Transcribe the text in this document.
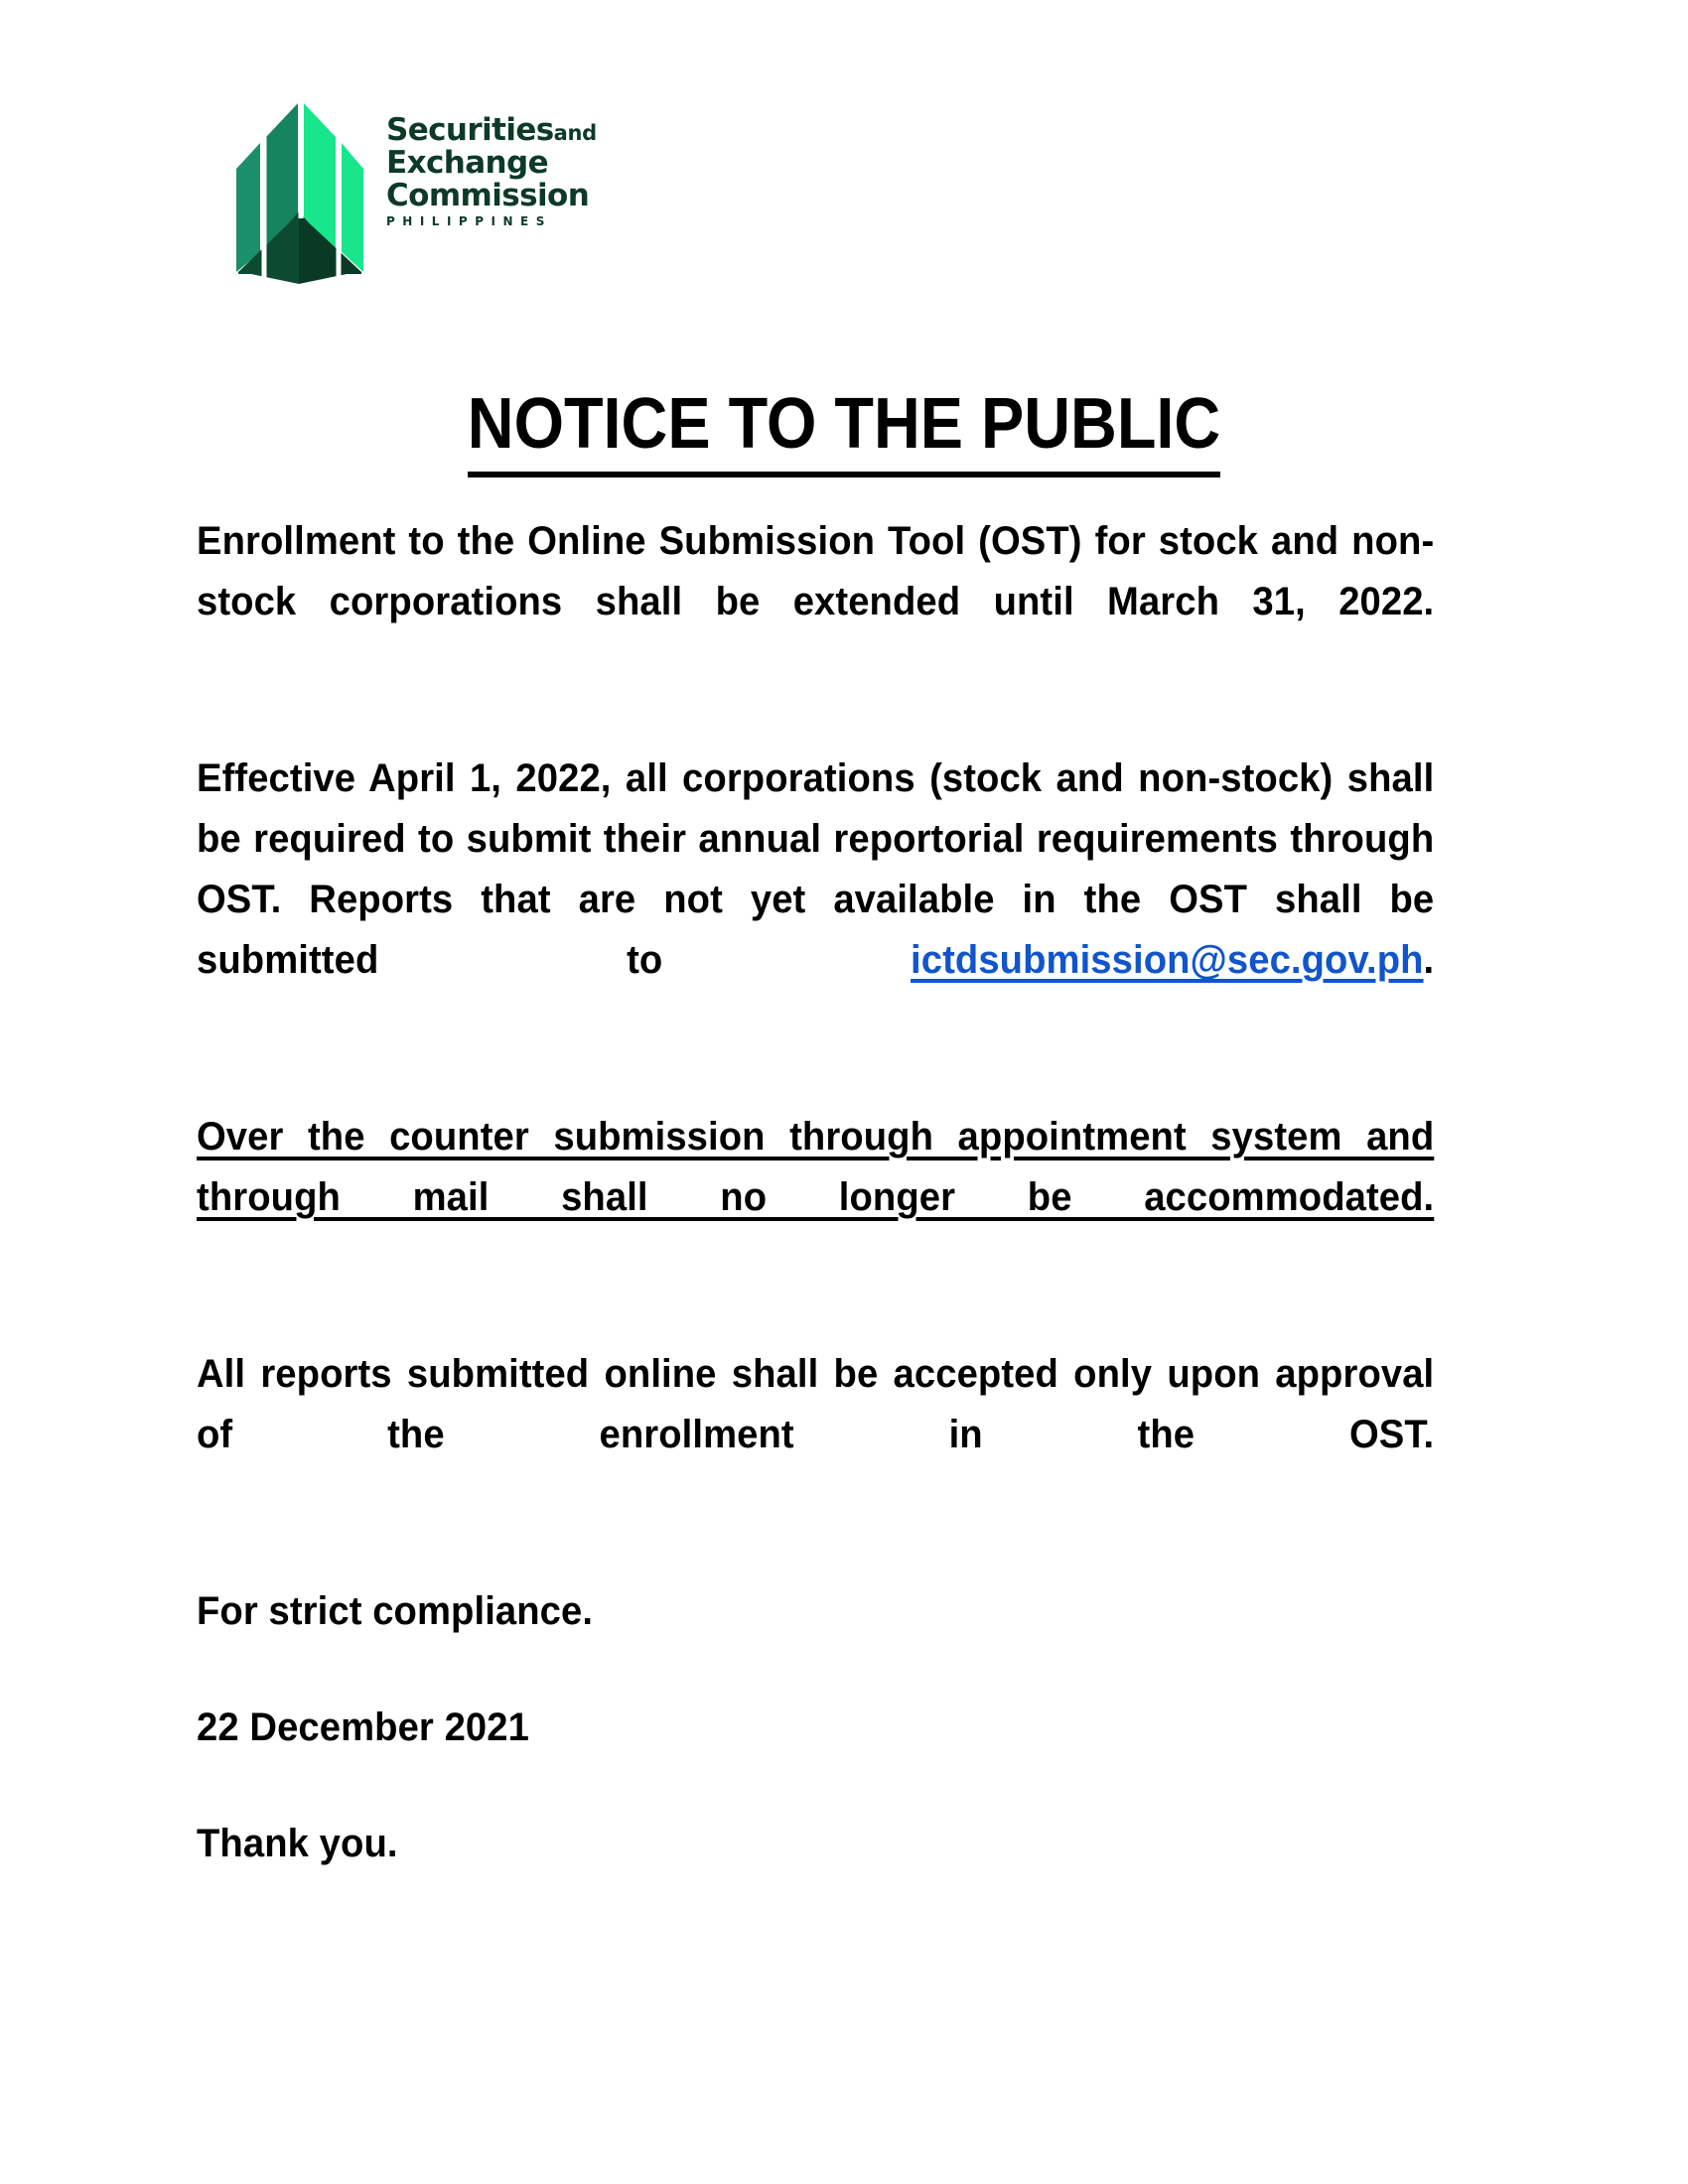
Securitiesand
Exchange
Commission
PHILIPPINES
NOTICE TO THE PUBLIC

Enrollment to the Online Submission Tool (OST) for stock and non-stock corporations shall be extended until March 31, 2022.

Effective April 1, 2022, all corporations (stock and non-stock) shall be required to submit their annual reportorial requirements through OST. Reports that are not yet available in the OST shall be submitted to ictdsubmission@sec.gov.ph.

Over the counter submission through appointment system and through mail shall no longer be accommodated.

All reports submitted online shall be accepted only upon approval of the enrollment in the OST.

For strict compliance.

22 December 2021

Thank you.
